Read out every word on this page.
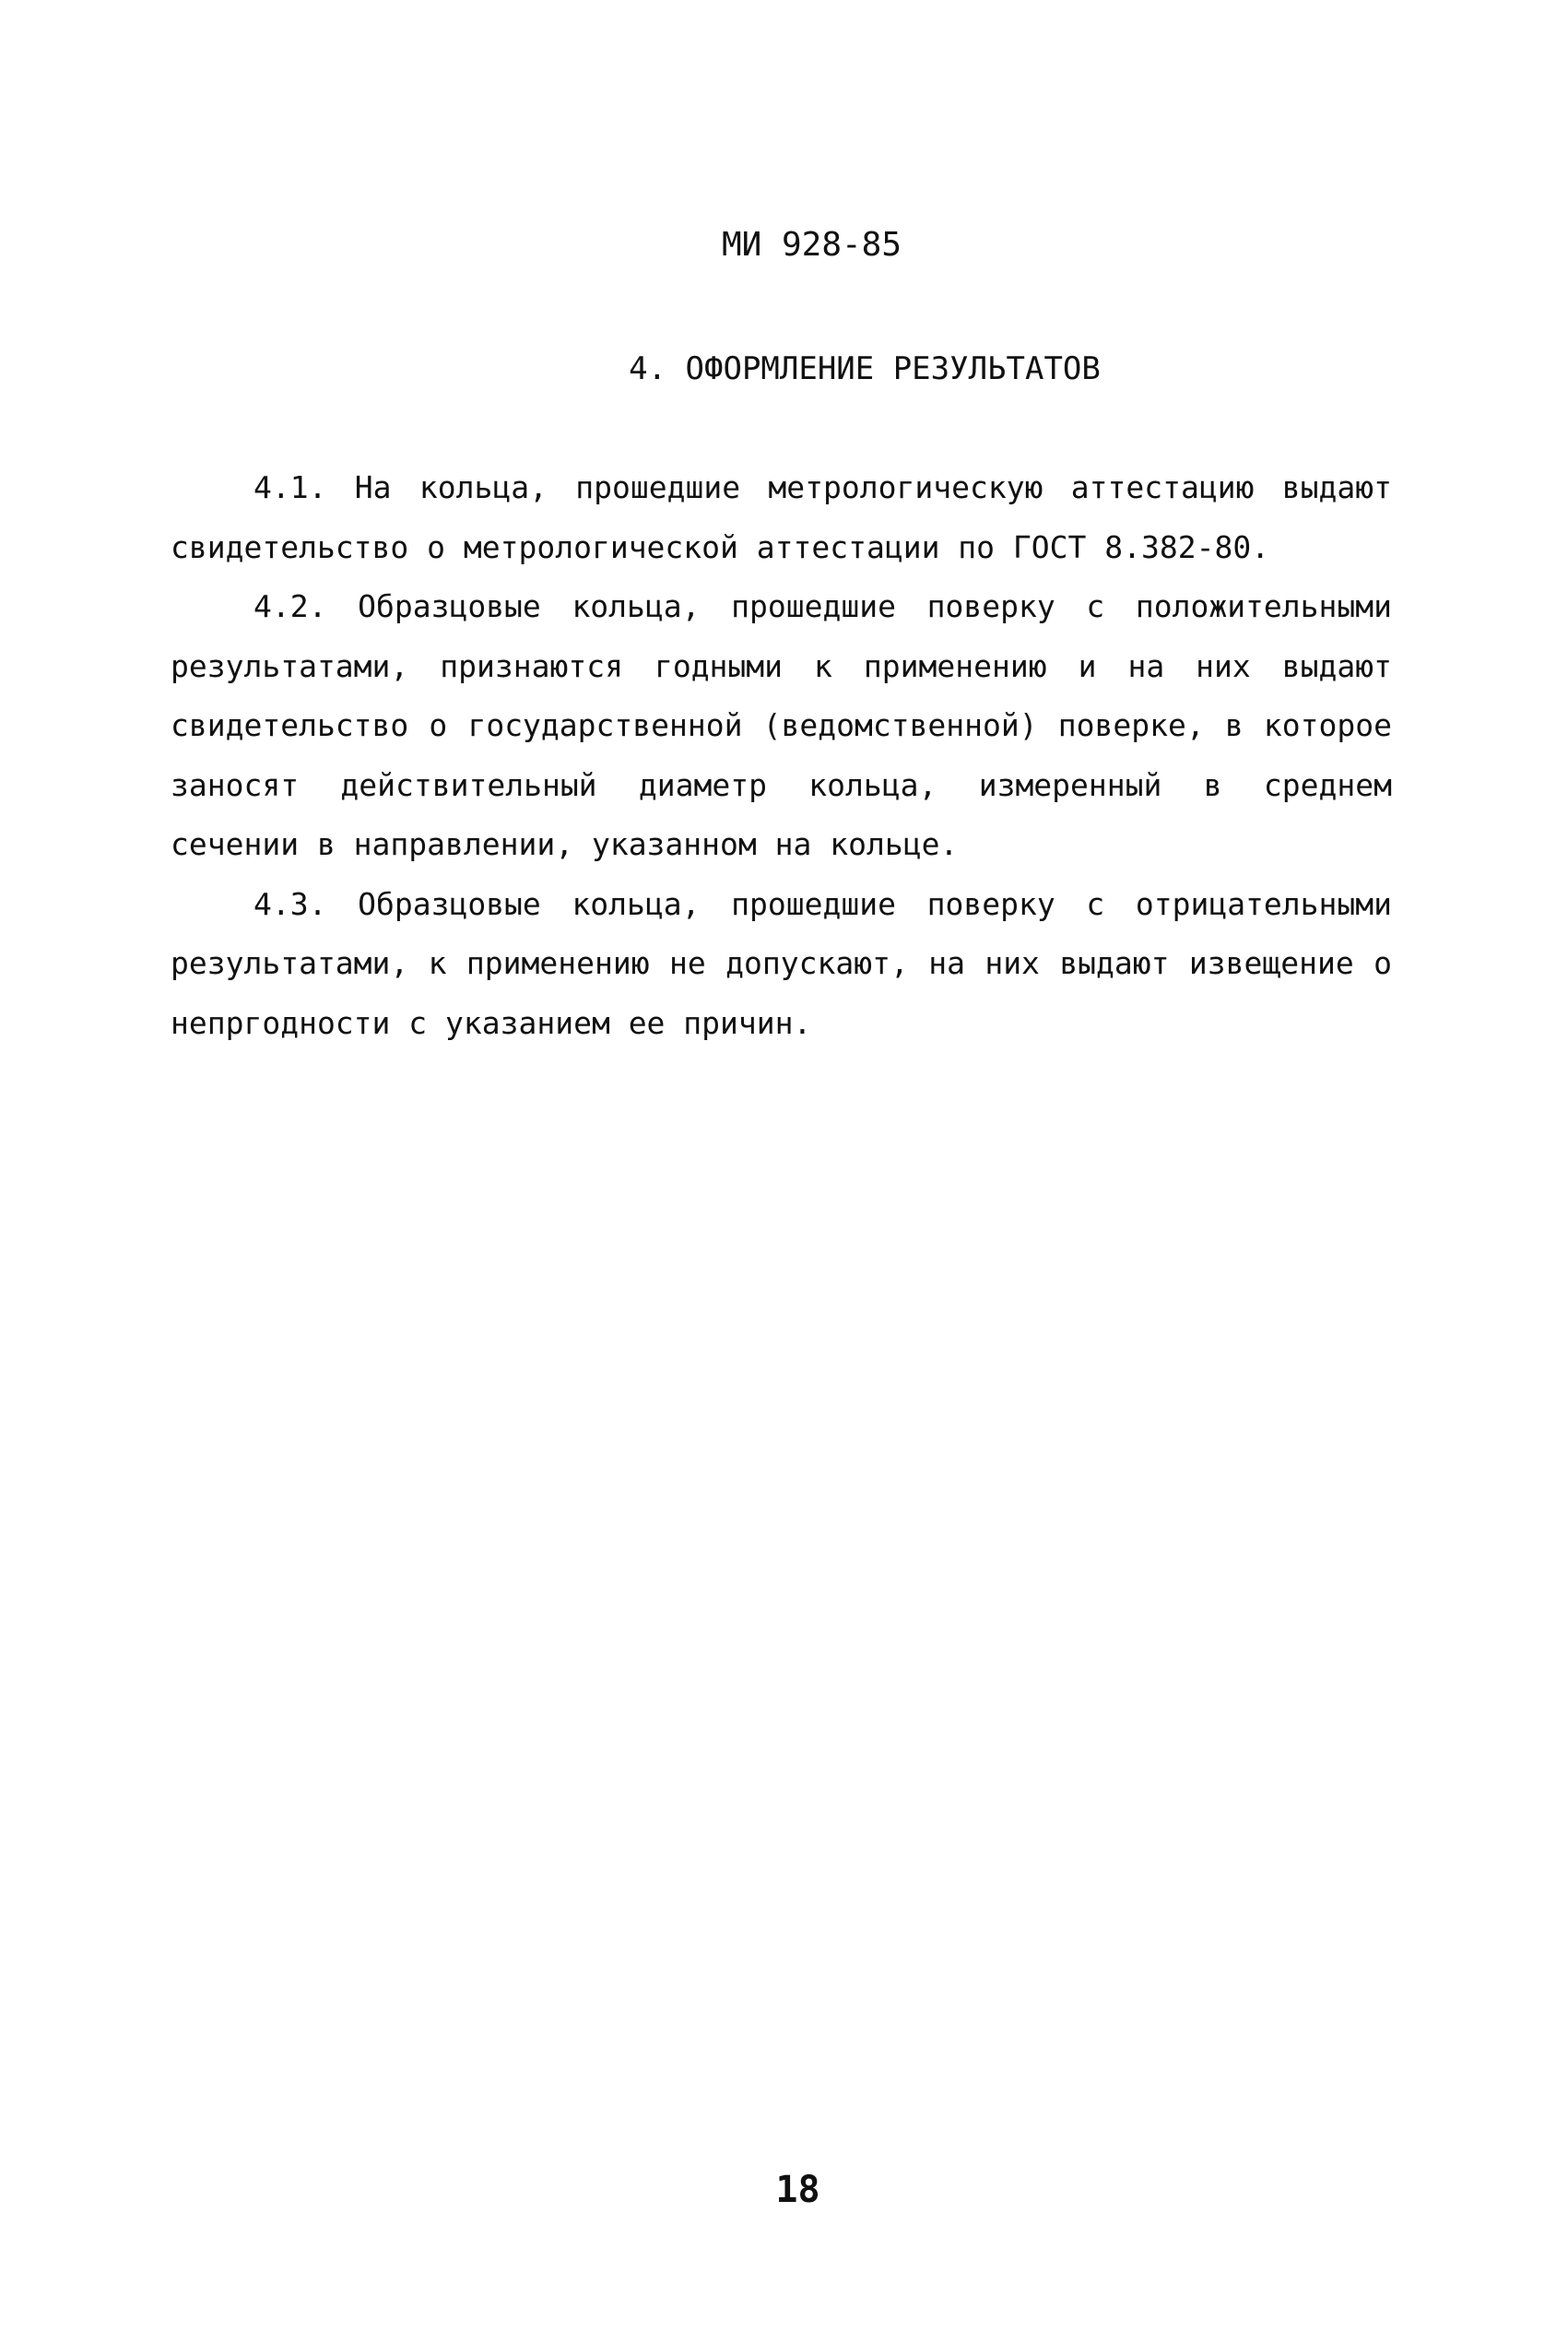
МИ 928-85

4. ОФОРМЛЕНИЕ РЕЗУЛЬТАТОВ

4.1. На кольца, прошедшие метрологическую аттестацию выдают свидетельство о метрологической аттестации по ГОСТ 8.382-80.

4.2. Образцовые кольца, прошедшие поверку с положительными результатами, признаются годными к применению и на них выдают свидетельство о государственной (ведомственной) поверке, в которое заносят действительный диаметр кольца, измеренный в среднем сечении в направлении, указанном на кольце.

4.3. Образцовые кольца, прошедшие поверку с отрицательными результатами, к применению не допускают, на них выдают извещение о непргодности с указанием ее причин.

18
